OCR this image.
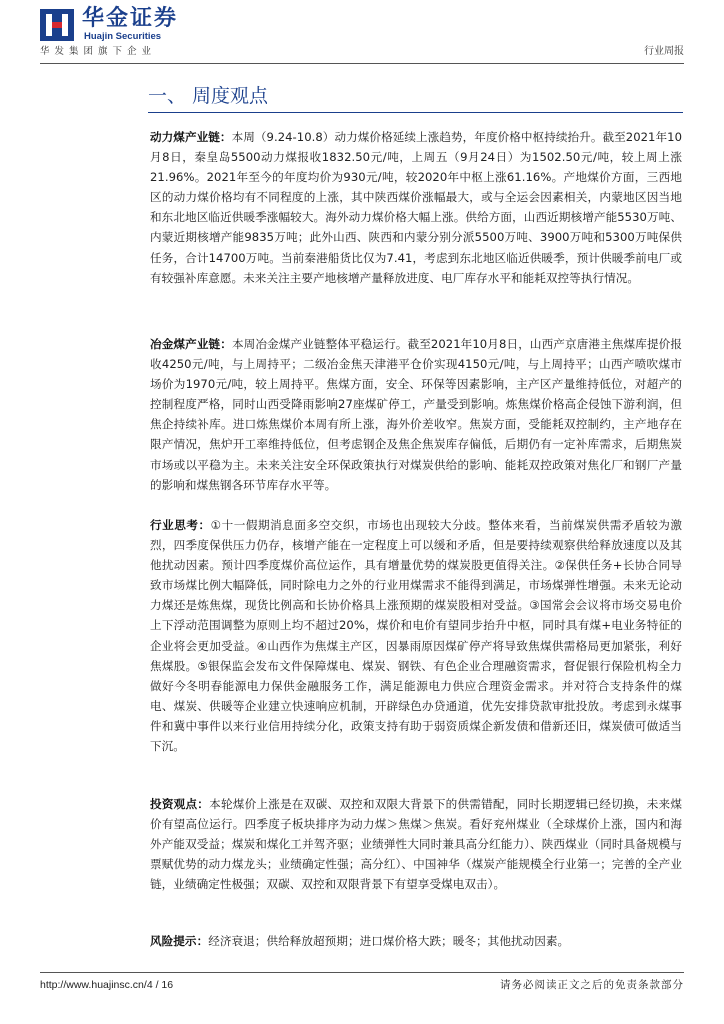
华金证券
Huajin Securities
华发集团旗下企业	行业周报
一、 周度观点

动力煤产业链：本周（9.24-10.8）动力煤价格延续上涨趋势，年度价格中枢持续抬升。截至2021年10月8日，秦皇岛5500动力煤报收1832.50元/吨，上周五（9月24日）为1502.50元/吨，较上周上涨21.96%。2021年至今的年度均价为930元/吨，较2020年中枢上涨61.16%。产地煤价方面，三西地区的动力煤价格均有不同程度的上涨，其中陕西煤价涨幅最大，或与全运会因素相关，内蒙地区因当地和东北地区临近供暖季涨幅较大。海外动力煤价格大幅上涨。供给方面，山西近期核增产能5530万吨、内蒙近期核增产能9835万吨；此外山西、陕西和内蒙分别分派5500万吨、3900万吨和5300万吨保供任务，合计14700万吨。当前秦港船货比仅为7.41，考虑到东北地区临近供暖季，预计供暖季前电厂或有较强补库意愿。未来关注主要产地核增产量释放进度、电厂库存水平和能耗双控等执行情况。

冶金煤产业链：本周冶金煤产业链整体平稳运行。截至2021年10月8日，山西产京唐港主焦煤库提价报收4250元/吨，与上周持平；二级冶金焦天津港平仓价实现4150元/吨，与上周持平；山西产喷吹煤市场价为1970元/吨，较上周持平。焦煤方面，安全、环保等因素影响，主产区产量维持低位，对超产的控制程度严格，同时山西受降雨影响27座煤矿停工，产量受到影响。炼焦煤价格高企侵蚀下游利润，但焦企持续补库。进口炼焦煤价本周有所上涨，海外价差收窄。焦炭方面，受能耗双控制约，主产地存在限产情况，焦炉开工率维持低位，但考虑钢企及焦企焦炭库存偏低，后期仍有一定补库需求，后期焦炭市场或以平稳为主。未来关注安全环保政策执行对煤炭供给的影响、能耗双控政策对焦化厂和钢厂产量的影响和煤焦钢各环节库存水平等。

行业思考：①十一假期消息面多空交织，市场也出现较大分歧。整体来看，当前煤炭供需矛盾较为激烈，四季度保供压力仍存，核增产能在一定程度上可以缓和矛盾，但是要持续观察供给释放速度以及其他扰动因素。预计四季度煤价高位运作，具有增量优势的煤炭股更值得关注。②保供任务+长协合同导致市场煤比例大幅降低，同时除电力之外的行业用煤需求不能得到满足，市场煤弹性增强。未来无论动力煤还是炼焦煤，现货比例高和长协价格具上涨预期的煤炭股相对受益。③国常会会议将市场交易电价上下浮动范围调整为原则上均不超过20%，煤价和电价有望同步抬升中枢，同时具有煤+电业务特征的企业将会更加受益。④山西作为焦煤主产区，因暴雨原因煤矿停产将导致焦煤供需格局更加紧张，利好焦煤股。⑤银保监会发布文件保障煤电、煤炭、钢铁、有色企业合理融资需求，督促银行保险机构全力做好今冬明春能源电力保供金融服务工作，满足能源电力供应合理资金需求。并对符合支持条件的煤电、煤炭、供暖等企业建立快速响应机制，开辟绿色办贷通道，优先安排贷款审批投放。考虑到永煤事件和冀中事件以来行业信用持续分化，政策支持有助于弱资质煤企新发债和借新还旧，煤炭债可做适当下沉。

投资观点：本轮煤价上涨是在双碳、双控和双限大背景下的供需错配，同时长期逻辑已经切换，未来煤价有望高位运行。四季度子板块排序为动力煤＞焦煤＞焦炭。看好兖州煤业（全球煤价上涨，国内和海外产能双受益；煤炭和煤化工并驾齐驱；业绩弹性大同时兼具高分红能力）、陕西煤业（同时具备规模与票赋优势的动力煤龙头；业绩确定性强；高分红）、中国神华（煤炭产能规模全行业第一；完善的全产业链，业绩确定性极强；双碳、双控和双限背景下有望享受煤电双击）。

风险提示：经济衰退；供给释放超预期；进口煤价格大跌；暖冬；其他扰动因素。

http://www.huajinsc.cn/4 / 16	请务必阅读正文之后的免责条款部分
